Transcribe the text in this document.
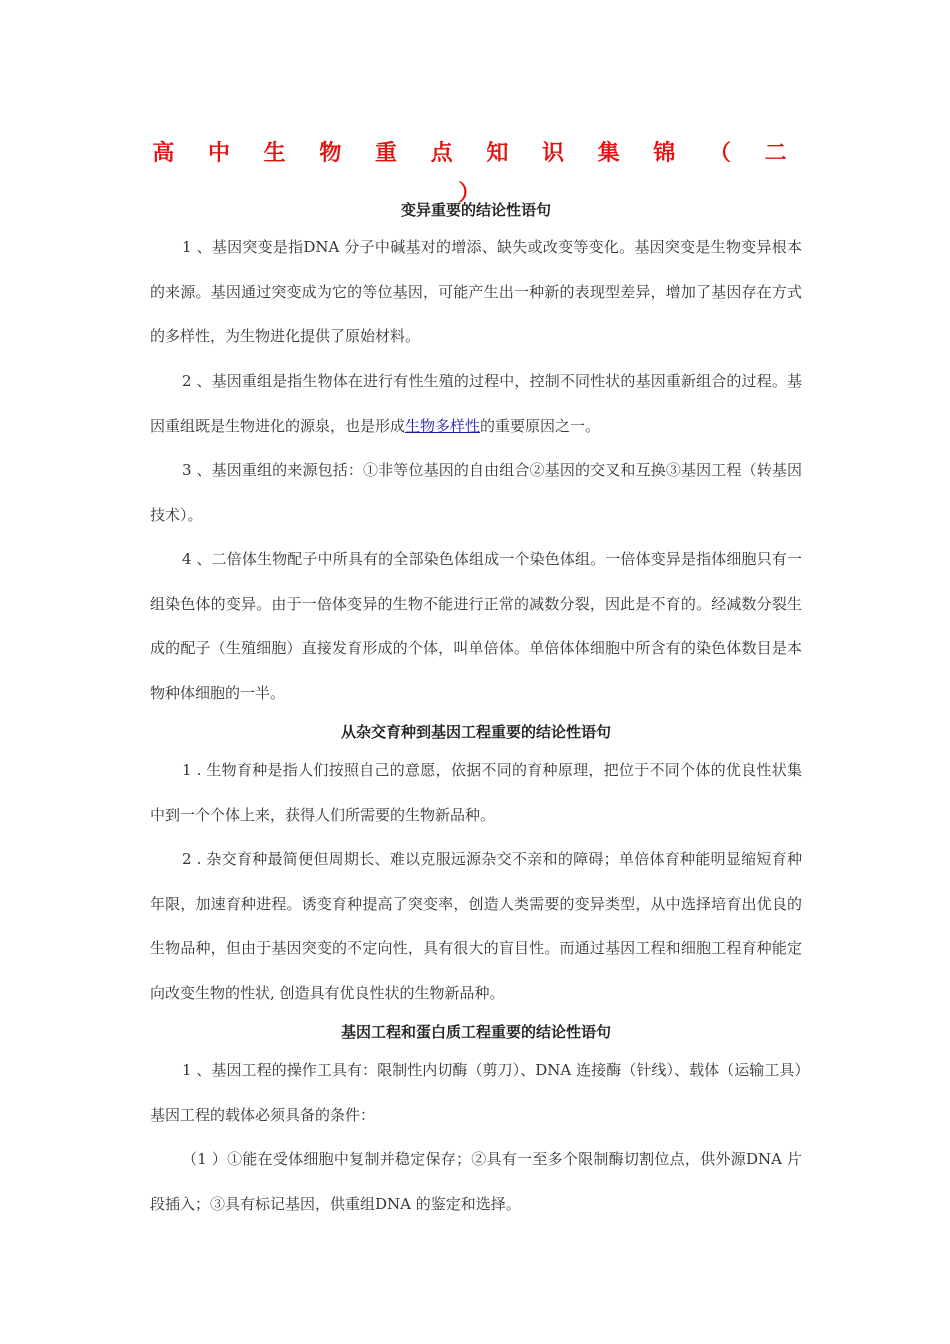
高 中 生 物 重 点 知 识 集 锦 （ 二 ）
变异重要的结论性语句
1 、基因突变是指DNA 分子中碱基对的增添、缺失或改变等变化。基因突变是生物变异根本的来源。基因通过突变成为它的等位基因，可能产生出一种新的表现型差异，增加了基因存在方式的多样性，为生物进化提供了原始材料。
2 、基因重组是指生物体在进行有性生殖的过程中，控制不同性状的基因重新组合的过程。基因重组既是生物进化的源泉，也是形成生物多样性的重要原因之一。
3 、基因重组的来源包括：①非等位基因的自由组合②基因的交叉和互换③基因工程（转基因技术）。
4 、二倍体生物配子中所具有的全部染色体组成一个染色体组。一倍体变异是指体细胞只有一组染色体的变异。由于一倍体变异的生物不能进行正常的减数分裂，因此是不育的。经减数分裂生成的配子（生殖细胞）直接发育形成的个体，叫单倍体。单倍体体细胞中所含有的染色体数目是本物种体细胞的一半。
从杂交育种到基因工程重要的结论性语句
1 . 生物育种是指人们按照自己的意愿，依据不同的育种原理，把位于不同个体的优良性状集中到一个个体上来，获得人们所需要的生物新品种。
2 . 杂交育种最简便但周期长、难以克服远源杂交不亲和的障碍；单倍体育种能明显缩短育种年限，加速育种进程。诱变育种提高了突变率，创造人类需要的变异类型，从中选择培育出优良的生物品种，但由于基因突变的不定向性，具有很大的盲目性。而通过基因工程和细胞工程育种能定向改变生物的性状, 创造具有优良性状的生物新品种。
基因工程和蛋白质工程重要的结论性语句
1 、基因工程的操作工具有：限制性内切酶（剪刀）、DNA 连接酶（针线）、载体（运输工具）基因工程的载体必须具备的条件：
（1 ）①能在受体细胞中复制并稳定保存；②具有一至多个限制酶切割位点，供外源DNA 片段插入；③具有标记基因，供重组DNA 的鉴定和选择。
